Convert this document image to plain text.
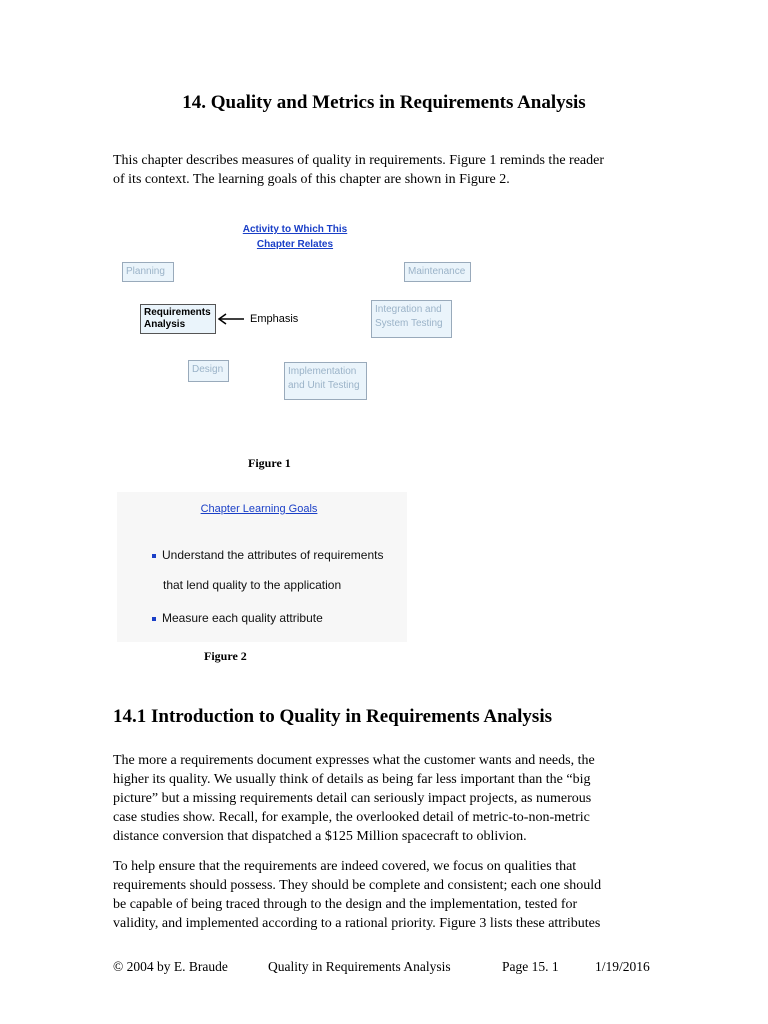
14. Quality and Metrics in Requirements Analysis

This chapter describes measures of quality in requirements. Figure 1 reminds the reader

of its context. The learning goals of this chapter are shown in Figure 2.

Activity to Which This
Chapter Relates
Planning	Maintenance
Requirements
Analysis	Emphasis
Integration and
System Testing
Design	Implementation
and Unit Testing
Figure 1
Chapter Learning Goals
Understand the attributes of requirements
that lend quality to the application
Measure each quality attribute
Figure 2
14.1 Introduction to Quality in Requirements Analysis

The more a requirements document expresses what the customer wants and needs, the

higher its quality. We usually think of details as being far less important than the “big

picture” but a missing requirements detail can seriously impact projects, as numerous

case studies show. Recall, for example, the overlooked detail of metric-to-non-metric

distance conversion that dispatched a $125 Million spacecraft to oblivion.

To help ensure that the requirements are indeed covered, we focus on qualities that

requirements should possess. They should be complete and consistent; each one should

be capable of being traced through to the design and the implementation, tested for

validity, and implemented according to a rational priority. Figure 3 lists these attributes

© 2004 by E. Braude	Quality in Requirements Analysis	Page 15. 1	1/19/2016
